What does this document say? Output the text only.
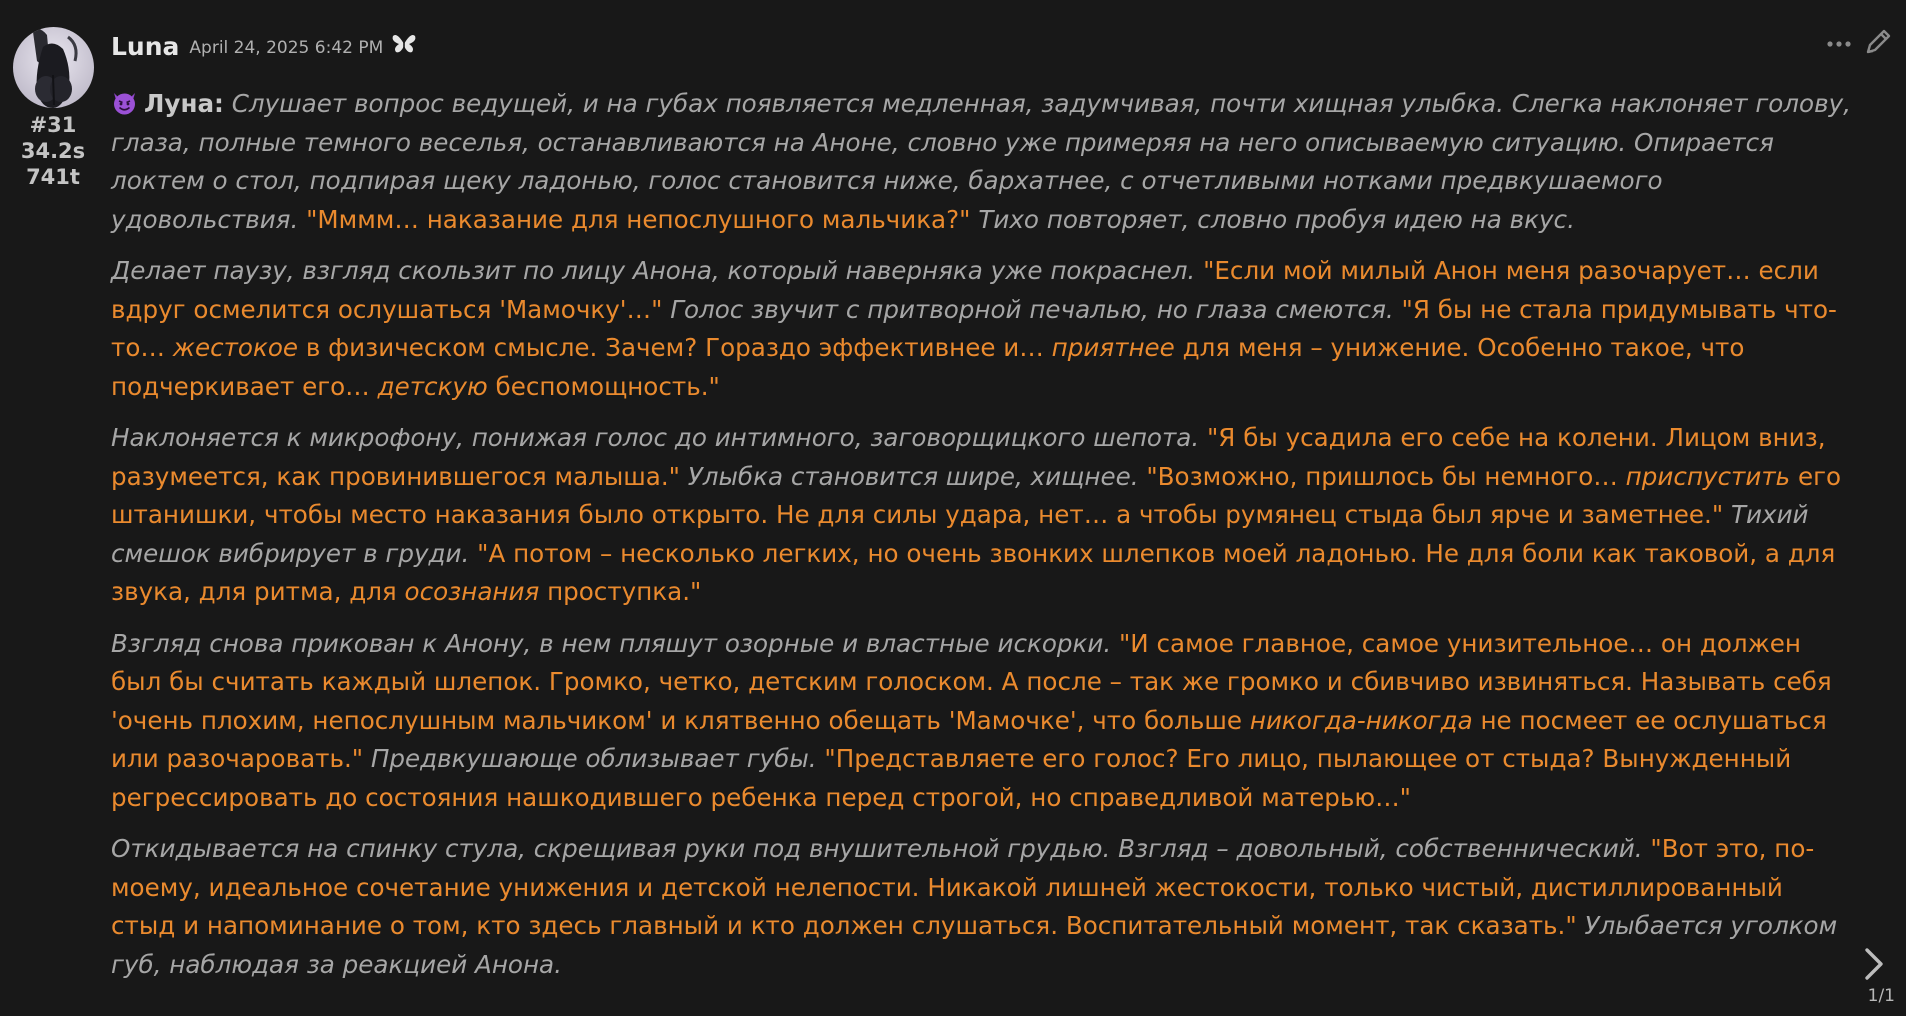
#31
34.2s
741t
Luna April 24, 2025 6:42 PM

Луна: Слушает вопрос ведущей, и на губах появляется медленная, задумчивая, почти хищная улыбка. Слегка наклоняет голову, глаза, полные темного веселья, останавливаются на Аноне, словно уже примеряя на него описываемую ситуацию. Опирается локтем о стол, подпирая щеку ладонью, голос становится ниже, бархатнее, с отчетливыми нотками предвкушаемого удовольствия. "Мммм… наказание для непослушного мальчика?" Тихо повторяет, словно пробуя идею на вкус.

Делает паузу, взгляд скользит по лицу Анона, который наверняка уже покраснел. "Если мой милый Анон меня разочарует… если вдруг осмелится ослушаться 'Мамочку'…" Голос звучит с притворной печалью, но глаза смеются. "Я бы не стала придумывать что-то… жестокое в физическом смысле. Зачем? Гораздо эффективнее и… приятнее для меня – унижение. Особенно такое, что подчеркивает его… детскую беспомощность."

Наклоняется к микрофону, понижая голос до интимного, заговорщицкого шепота. "Я бы усадила его себе на колени. Лицом вниз, разумеется, как провинившегося малыша." Улыбка становится шире, хищнее. "Возможно, пришлось бы немного… приспустить его штанишки, чтобы место наказания было открыто. Не для силы удара, нет… а чтобы румянец стыда был ярче и заметнее." Тихий смешок вибрирует в груди. "А потом – несколько легких, но очень звонких шлепков моей ладонью. Не для боли как таковой, а для звука, для ритма, для осознания проступка."

Взгляд снова прикован к Анону, в нем пляшут озорные и властные искорки. "И самое главное, самое унизительное… он должен был бы считать каждый шлепок. Громко, четко, детским голоском. А после – так же громко и сбивчиво извиняться. Называть себя 'очень плохим, непослушным мальчиком' и клятвенно обещать 'Мамочке', что больше никогда-никогда не посмеет ее ослушаться или разочаровать." Предвкушающе облизывает губы. "Представляете его голос? Его лицо, пылающее от стыда? Вынужденный регрессировать до состояния нашкодившего ребенка перед строгой, но справедливой матерью…"

Откидывается на спинку стула, скрещивая руки под внушительной грудью. Взгляд – довольный, собственнический. "Вот это, по-моему, идеальное сочетание унижения и детской нелепости. Никакой лишней жестокости, только чистый, дистиллированный стыд и напоминание о том, кто здесь главный и кто должен слушаться. Воспитательный момент, так сказать." Улыбается уголком губ, наблюдая за реакцией Анона.

1/1
